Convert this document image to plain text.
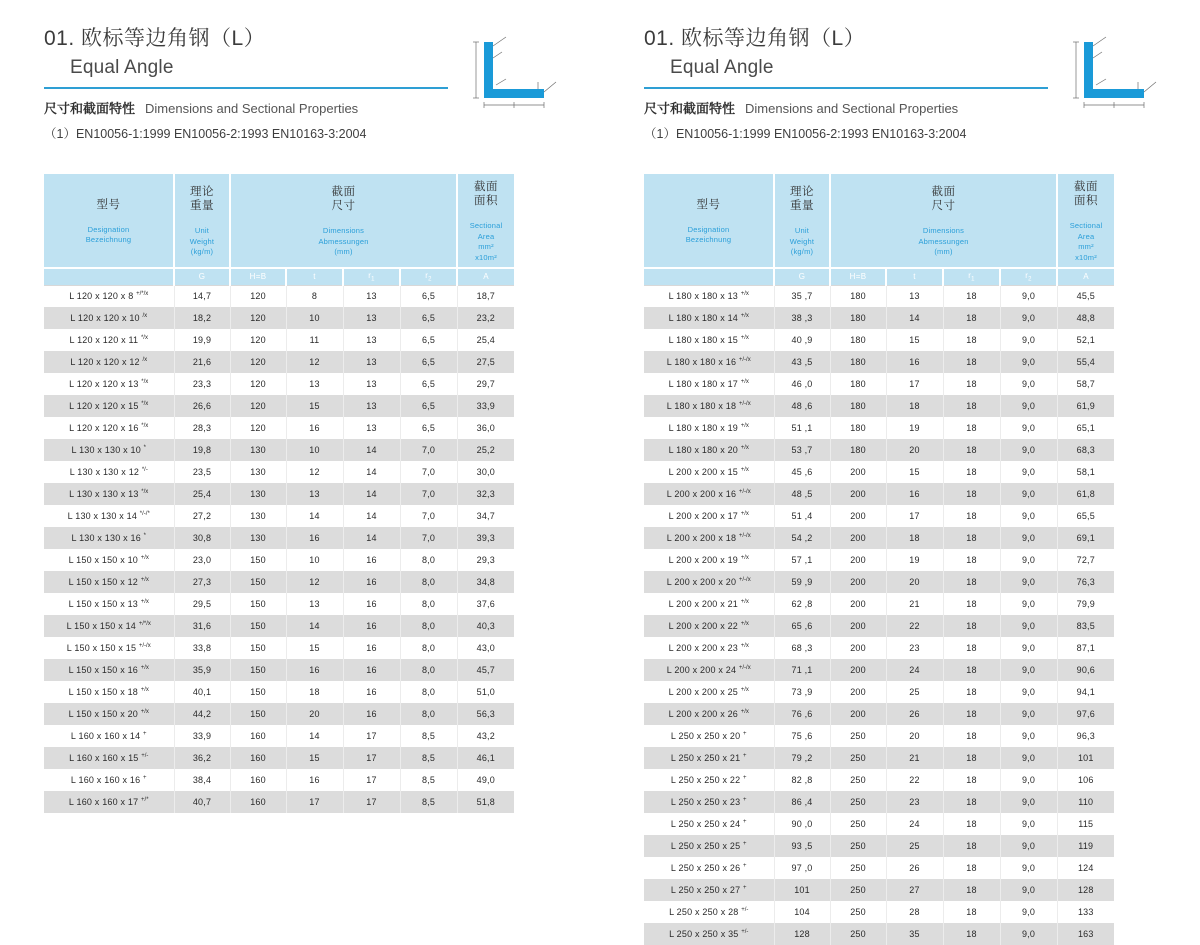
01. 欧标等边角钢（L）
Equal Angle
尺寸和截面特性 Dimensions and Sectional Properties
（1）EN10056-1:1999 EN10056-2:1993 EN10163-3:2004
型号
Designation
Bezeichnung

理论
重量
Unit
Weight
(kg/m)

截面
尺寸
Dimensions
Abmessungen
(mm)

截面
面积
Sectional
Area
mm²
x10m²

	G	H=B	t	$r_1$	$r_2$	A
L 120 x 120 x 8 $^{+/*/x}$	14,7	120	8	13	6,5	18,7
L 120 x 120 x 10 $^{/x}$	18,2	120	10	13	6,5	23,2
L 120 x 120 x 11 $^{*/x}$	19,9	120	11	13	6,5	25,4
L 120 x 120 x 12 $^{/x}$	21,6	120	12	13	6,5	27,5
L 120 x 120 x 13 $^{*/x}$	23,3	120	13	13	6,5	29,7
L 120 x 120 x 15 $^{*/x}$	26,6	120	15	13	6,5	33,9
L 120 x 120 x 16 $^{*/x}$	28,3	120	16	13	6,5	36,0
L 130 x 130 x 10 *	19,8	130	10	14	7,0	25,2
L 130 x 130 x 12 */-	23,5	130	12	14	7,0	30,0
L 130 x 130 x 13 $^{*/x}$	25,4	130	13	14	7,0	32,3
L 130 x 130 x 14 */-/*	27,2	130	14	14	7,0	34,7
L 130 x 130 x 16 *	30,8	130	16	14	7,0	39,3
L 150 x 150 x 10 $^{+/x}$	23,0	150	10	16	8,0	29,3
L 150 x 150 x 12 $^{+/x}$	27,3	150	12	16	8,0	34,8
L 150 x 150 x 13 $^{+/x}$	29,5	150	13	16	8,0	37,6
L 150 x 150 x 14 $^{+/*/x}$	31,6	150	14	16	8,0	40,3
L 150 x 150 x 15 $^{+/-/x}$	33,8	150	15	16	8,0	43,0
L 150 x 150 x 16 $^{+/x}$	35,9	150	16	16	8,0	45,7
L 150 x 150 x 18 $^{+/x}$	40,1	150	18	16	8,0	51,0
L 150 x 150 x 20 $^{+/x}$	44,2	150	20	16	8,0	56,3
L 160 x 160 x 14 +	33,9	160	14	17	8,5	43,2
L 160 x 160 x 15 +/-	36,2	160	15	17	8,5	46,1
L 160 x 160 x 16 +	38,4	160	16	17	8,5	49,0
L 160 x 160 x 17 +/*	40,7	160	17	17	8,5	51,8
01. 欧标等边角钢（L）
Equal Angle
尺寸和截面特性 Dimensions and Sectional Properties
（1）EN10056-1:1999 EN10056-2:1993 EN10163-3:2004
型号
Designation
Bezeichnung

理论
重量
Unit
Weight
(kg/m)

截面
尺寸
Dimensions
Abmessungen
(mm)

截面
面积
Sectional
Area
mm²
x10m²

	G	H=B	t	$r_1$	$r_2$	A
L 180 x 180 x 13 $^{+/x}$	35 ,7	180	13	18	9,0	45,5
L 180 x 180 x 14 $^{+/x}$	38 ,3	180	14	18	9,0	48,8
L 180 x 180 x 15 $^{+/x}$	40 ,9	180	15	18	9,0	52,1
L 180 x 180 x 16 $^{+/-/x}$	43 ,5	180	16	18	9,0	55,4
L 180 x 180 x 17 $^{+/x}$	46 ,0	180	17	18	9,0	58,7
L 180 x 180 x 18 $^{+/-/x}$	48 ,6	180	18	18	9,0	61,9
L 180 x 180 x 19 $^{+/x}$	51 ,1	180	19	18	9,0	65,1
L 180 x 180 x 20 $^{+/x}$	53 ,7	180	20	18	9,0	68,3
L 200 x 200 x 15 $^{+/x}$	45 ,6	200	15	18	9,0	58,1
L 200 x 200 x 16 $^{+/-/x}$	48 ,5	200	16	18	9,0	61,8
L 200 x 200 x 17 $^{+/x}$	51 ,4	200	17	18	9,0	65,5
L 200 x 200 x 18 $^{+/-/x}$	54 ,2	200	18	18	9,0	69,1
L 200 x 200 x 19 $^{+/x}$	57 ,1	200	19	18	9,0	72,7
L 200 x 200 x 20 $^{+/-/x}$	59 ,9	200	20	18	9,0	76,3
L 200 x 200 x 21 $^{+/x}$	62 ,8	200	21	18	9,0	79,9
L 200 x 200 x 22 $^{+/x}$	65 ,6	200	22	18	9,0	83,5
L 200 x 200 x 23 $^{+/x}$	68 ,3	200	23	18	9,0	87,1
L 200 x 200 x 24 $^{+/-/x}$	71 ,1	200	24	18	9,0	90,6
L 200 x 200 x 25 $^{+/x}$	73 ,9	200	25	18	9,0	94,1
L 200 x 200 x 26 $^{+/x}$	76 ,6	200	26	18	9,0	97,6
L 250 x 250 x 20 +	75 ,6	250	20	18	9,0	96,3
L 250 x 250 x 21 +	79 ,2	250	21	18	9,0	101
L 250 x 250 x 22 +	82 ,8	250	22	18	9,0	106
L 250 x 250 x 23 +	86 ,4	250	23	18	9,0	110
L 250 x 250 x 24 +	90 ,0	250	24	18	9,0	115
L 250 x 250 x 25 +	93 ,5	250	25	18	9,0	119
L 250 x 250 x 26 +	97 ,0	250	26	18	9,0	124
L 250 x 250 x 27 +	101	250	27	18	9,0	128
L 250 x 250 x 28 +/-	104	250	28	18	9,0	133
L 250 x 250 x 35 +/-	128	250	35	18	9,0	163
